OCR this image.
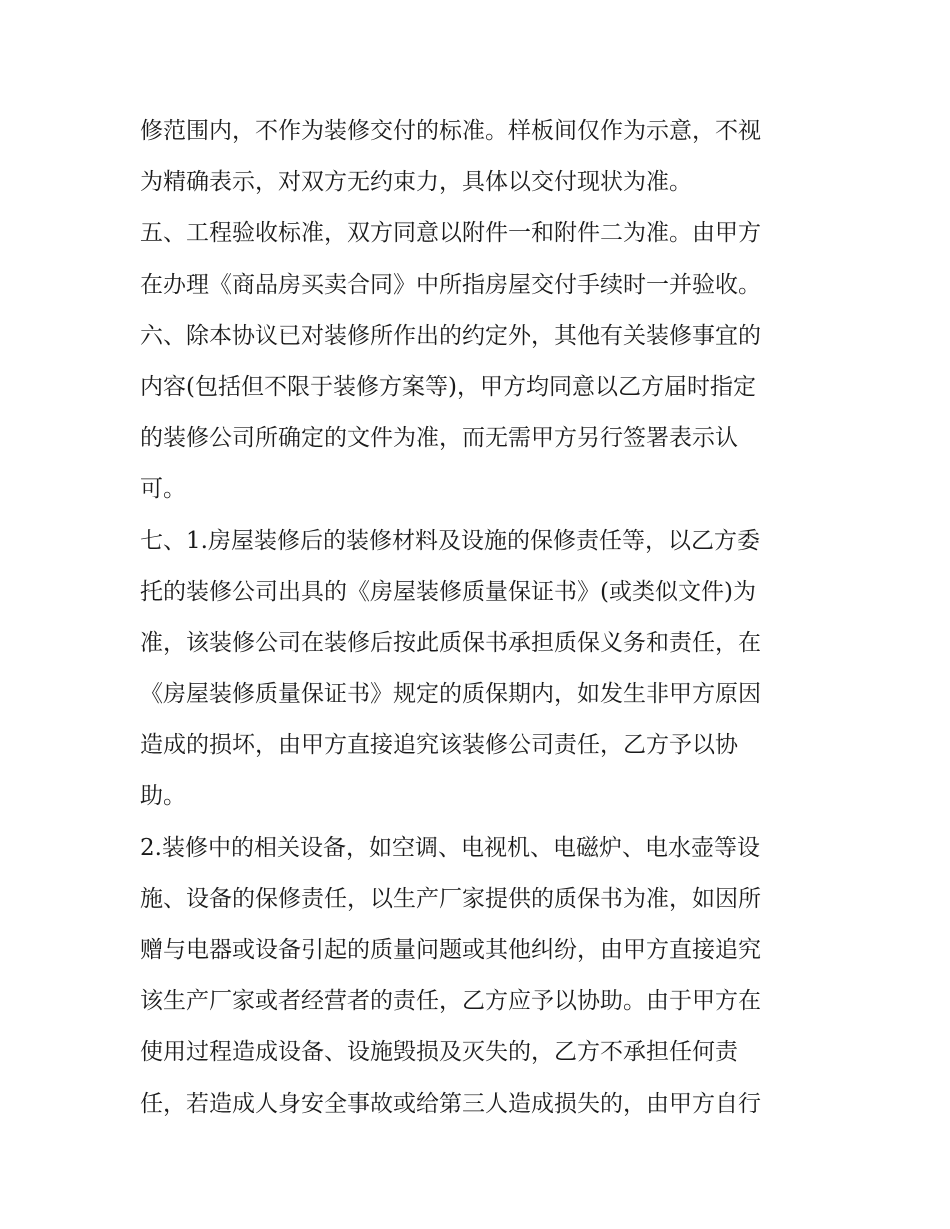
修范围内，不作为装修交付的标准。样板间仅作为示意，不视
为精确表示，对双方无约束力，具体以交付现状为准。
五、工程验收标准，双方同意以附件一和附件二为准。由甲方
在办理《商品房买卖合同》中所指房屋交付手续时一并验收。
六、除本协议已对装修所作出的约定外，其他有关装修事宜的
内容(包括但不限于装修方案等)，甲方均同意以乙方届时指定
的装修公司所确定的文件为准，而无需甲方另行签署表示认
可。
七、1.房屋装修后的装修材料及设施的保修责任等，以乙方委
托的装修公司出具的《房屋装修质量保证书》(或类似文件)为
准，该装修公司在装修后按此质保书承担质保义务和责任，在
《房屋装修质量保证书》规定的质保期内，如发生非甲方原因
造成的损坏，由甲方直接追究该装修公司责任，乙方予以协
助。
2.装修中的相关设备，如空调、电视机、电磁炉、电水壶等设
施、设备的保修责任，以生产厂家提供的质保书为准，如因所
赠与电器或设备引起的质量问题或其他纠纷，由甲方直接追究
该生产厂家或者经营者的责任，乙方应予以协助。由于甲方在
使用过程造成设备、设施毁损及灭失的，乙方不承担任何责
任，若造成人身安全事故或给第三人造成损失的，由甲方自行
